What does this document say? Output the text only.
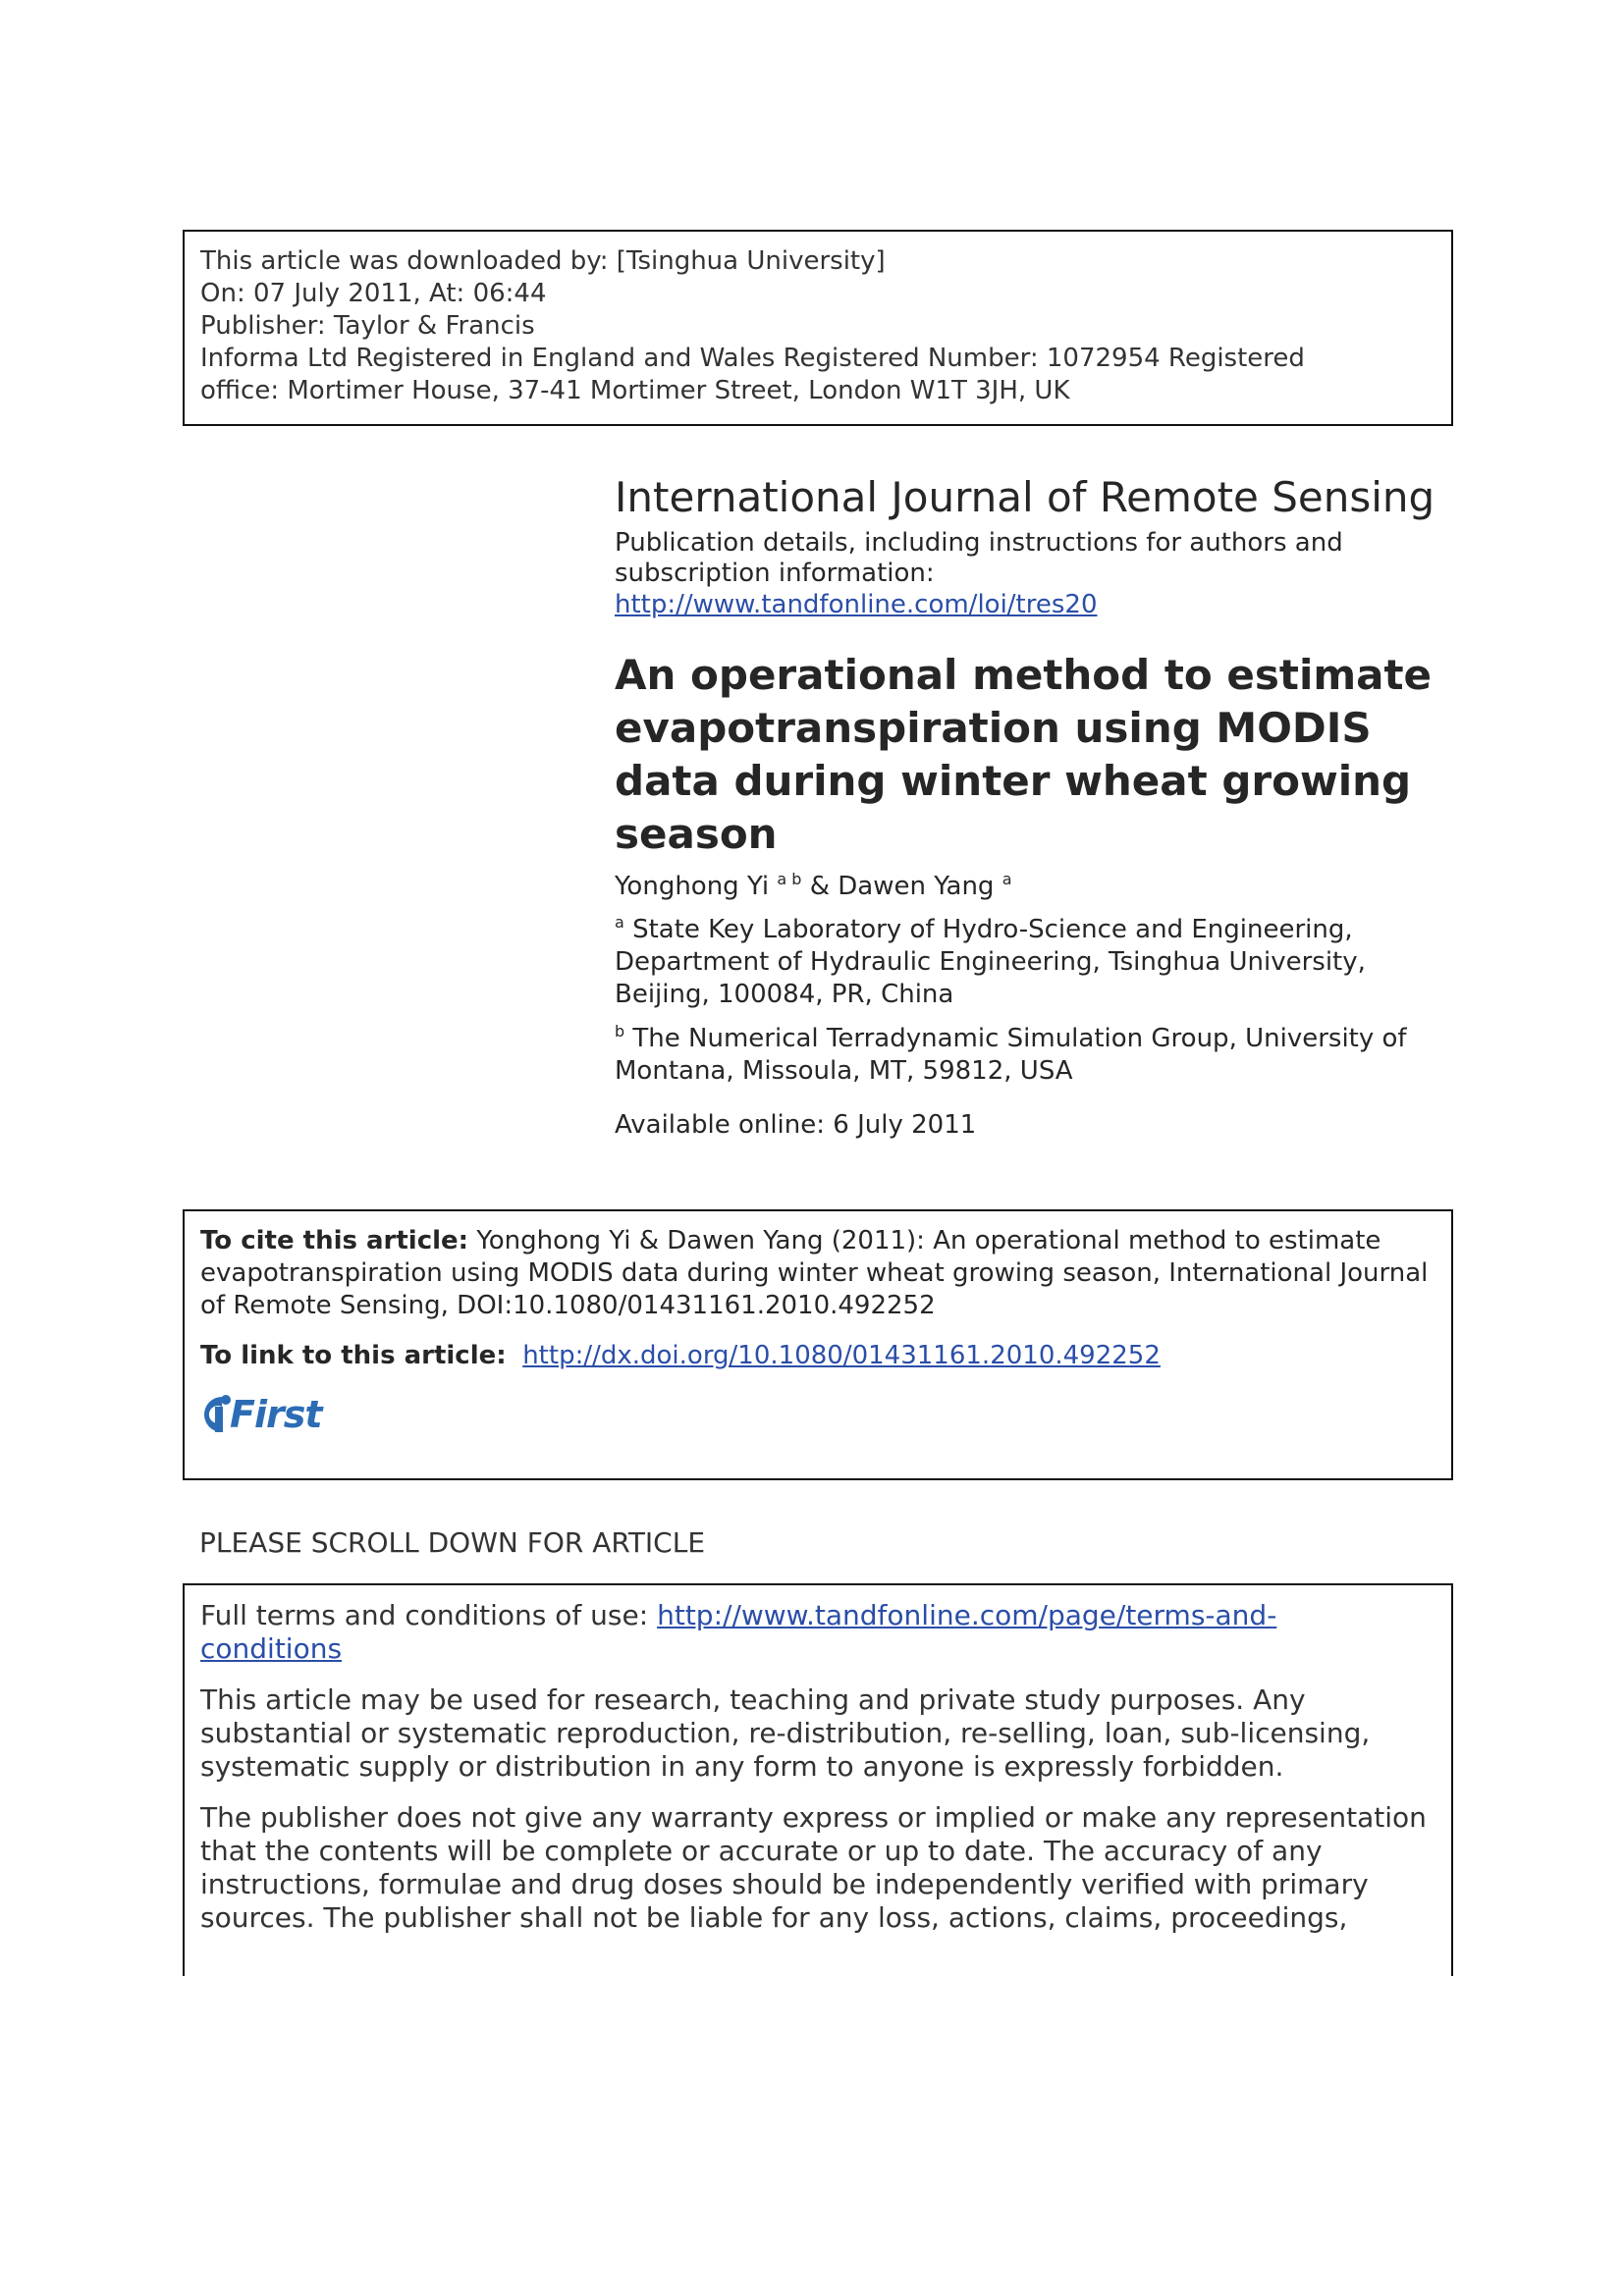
This article was downloaded by: [Tsinghua University]
On: 07 July 2011, At: 06:44
Publisher: Taylor & Francis
Informa Ltd Registered in England and Wales Registered Number: 1072954 Registered
office: Mortimer House, 37-41 Mortimer Street, London W1T 3JH, UK
International Journal of Remote Sensing
Publication details, including instructions for authors and subscription information:
http://www.tandfonline.com/loi/tres20
An operational method to estimate evapotranspiration using MODIS data during winter wheat growing season
Yonghong Yi $^{a b}$ & Dawen Yang $^a$
$^a$ State Key Laboratory of Hydro-Science and Engineering, Department of Hydraulic Engineering, Tsinghua University, Beijing, 100084, PR, China
$^b$ The Numerical Terradynamic Simulation Group, University of Montana, Missoula, MT, 59812, USA
Available online: 6 July 2011
To cite this article: Yonghong Yi & Dawen Yang (2011): An operational method to estimate evapotranspiration using MODIS data during winter wheat growing season, International Journal of Remote Sensing, DOI:10.1080/01431161.2010.492252
To link to this article: http://dx.doi.org/10.1080/01431161.2010.492252
First
PLEASE SCROLL DOWN FOR ARTICLE
Full terms and conditions of use: http://www.tandfonline.com/page/terms-and-
conditions
This article may be used for research, teaching and private study purposes. Any substantial or systematic reproduction, re-distribution, re-selling, loan, sub-licensing, systematic supply or distribution in any form to anyone is expressly forbidden.
The publisher does not give any warranty express or implied or make any representation that the contents will be complete or accurate or up to date. The accuracy of any instructions, formulae and drug doses should be independently verified with primary sources. The publisher shall not be liable for any loss, actions, claims, proceedings,
